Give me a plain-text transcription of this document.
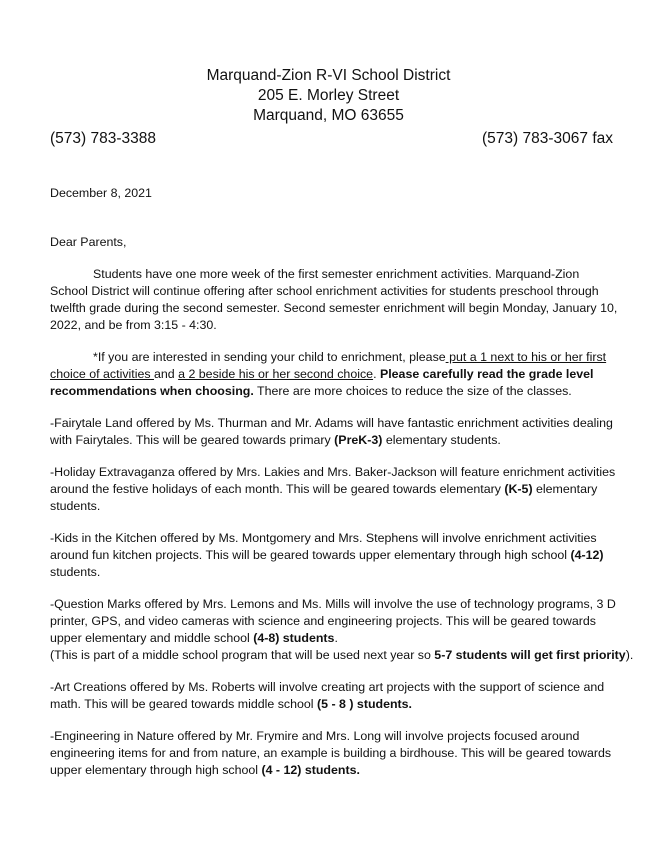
Marquand-Zion R-VI School District
205 E. Morley Street
Marquand, MO 63655
(573) 783-3388	(573) 783-3067 fax
December 8, 2021
Dear Parents,
Students have one more week of the first semester enrichment activities. Marquand-Zion
School District will continue offering after school enrichment activities for students preschool through
twelfth grade during the second semester. Second semester enrichment will begin Monday, January 10,
2022, and be from 3:15 - 4:30.
*If you are interested in sending your child to enrichment, please put a 1 next to his or her first
choice of activities and a 2 beside his or her second choice. Please carefully read the grade level
recommendations when choosing. There are more choices to reduce the size of the classes.
-Fairytale Land offered by Ms. Thurman and Mr. Adams will have fantastic enrichment activities dealing
with Fairytales. This will be geared towards primary (PreK-3) elementary students.
-Holiday Extravaganza offered by Mrs. Lakies and Mrs. Baker-Jackson will feature enrichment activities
around the festive holidays of each month. This will be geared towards elementary (K-5) elementary
students.
-Kids in the Kitchen offered by Ms. Montgomery and Mrs. Stephens will involve enrichment activities
around fun kitchen projects. This will be geared towards upper elementary through high school (4-12)
students.
-Question Marks offered by Mrs. Lemons and Ms. Mills will involve the use of technology programs, 3 D
printer, GPS, and video cameras with science and engineering projects. This will be geared towards
upper elementary and middle school (4-8) students.
(This is part of a middle school program that will be used next year so 5-7 students will get first priority).
-Art Creations offered by Ms. Roberts will involve creating art projects with the support of science and
math. This will be geared towards middle school (5 - 8 ) students.
-Engineering in Nature offered by Mr. Frymire and Mrs. Long will involve projects focused around
engineering items for and from nature, an example is building a birdhouse. This will be geared towards
upper elementary through high school (4 - 12) students.
